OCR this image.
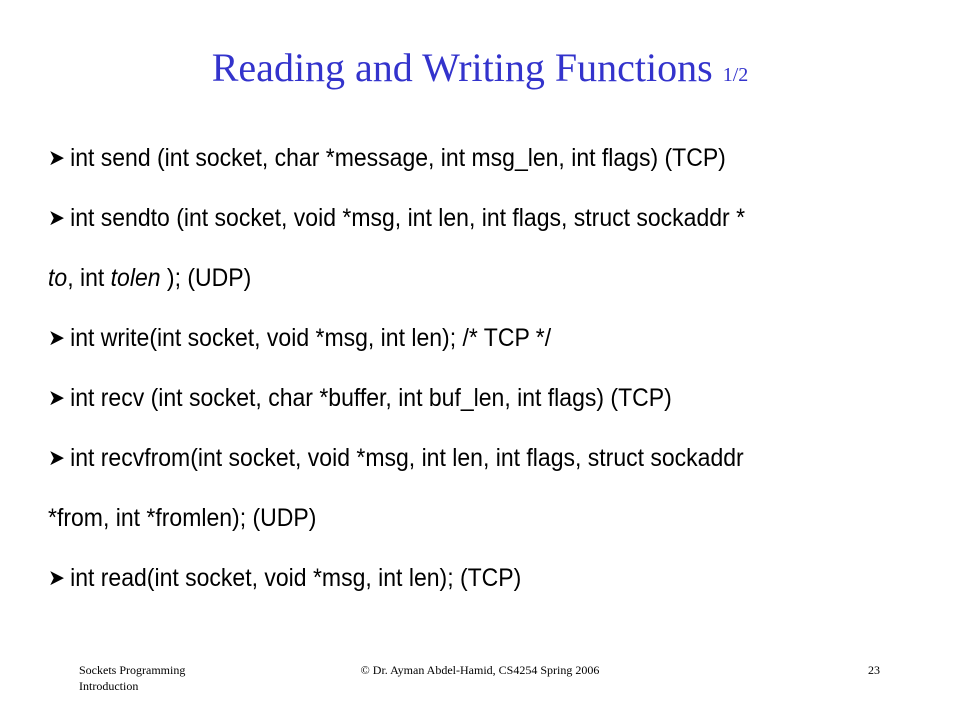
Reading and Writing Functions 1/2
➤ int send (int socket, char *message, int msg_len, int flags) (TCP)
➤ int sendto (int socket, void *msg, int len, int flags, struct sockaddr *
to, int tolen ); (UDP)
➤ int write(int socket, void *msg, int len); /* TCP */
➤ int recv (int socket, char *buffer, int buf_len, int flags) (TCP)
➤ int recvfrom(int socket, void *msg, int len, int flags, struct sockaddr
*from, int *fromlen); (UDP)
➤ int read(int socket, void *msg, int len); (TCP)
Sockets Programming
Introduction
© Dr. Ayman Abdel-Hamid, CS4254 Spring 2006	23
